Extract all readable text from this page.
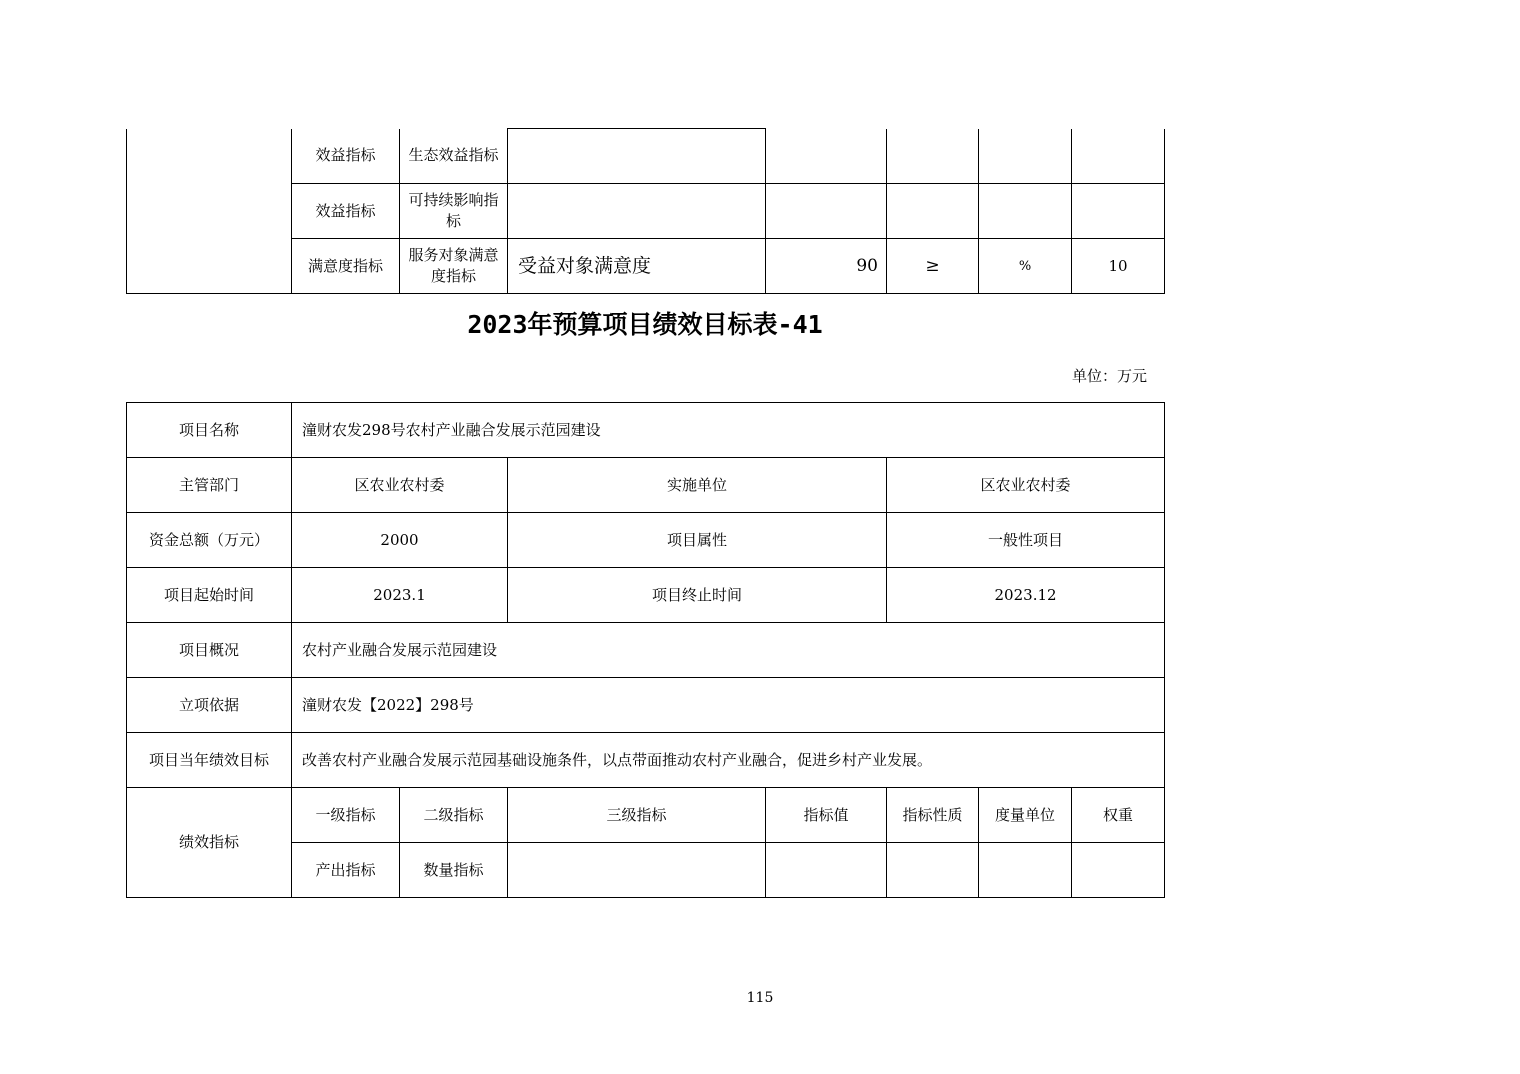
	效益指标	生态效益指标					
	效益指标	可持续影响指标					
	满意度指标	服务对象满意度指标	受益对象满意度	90	≥	%	10
2023年预算项目绩效目标表-41
单位：万元
项目名称	潼财农发298号农村产业融合发展示范园建设						
主管部门	区农业农村委		实施单位		区农业农村委		
资金总额（万元）	2000		项目属性		一般性项目		
项目起始时间	2023.1		项目终止时间		2023.12		
项目概况	农村产业融合发展示范园建设						
立项依据	潼财农发【2022】298号						
项目当年绩效目标	改善农村产业融合发展示范园基础设施条件，以点带面推动农村产业融合，促进乡村产业发展。						
绩效指标	一级指标	二级指标	三级指标	指标值	指标性质	度量单位	权重
	产出指标	数量指标					
115
